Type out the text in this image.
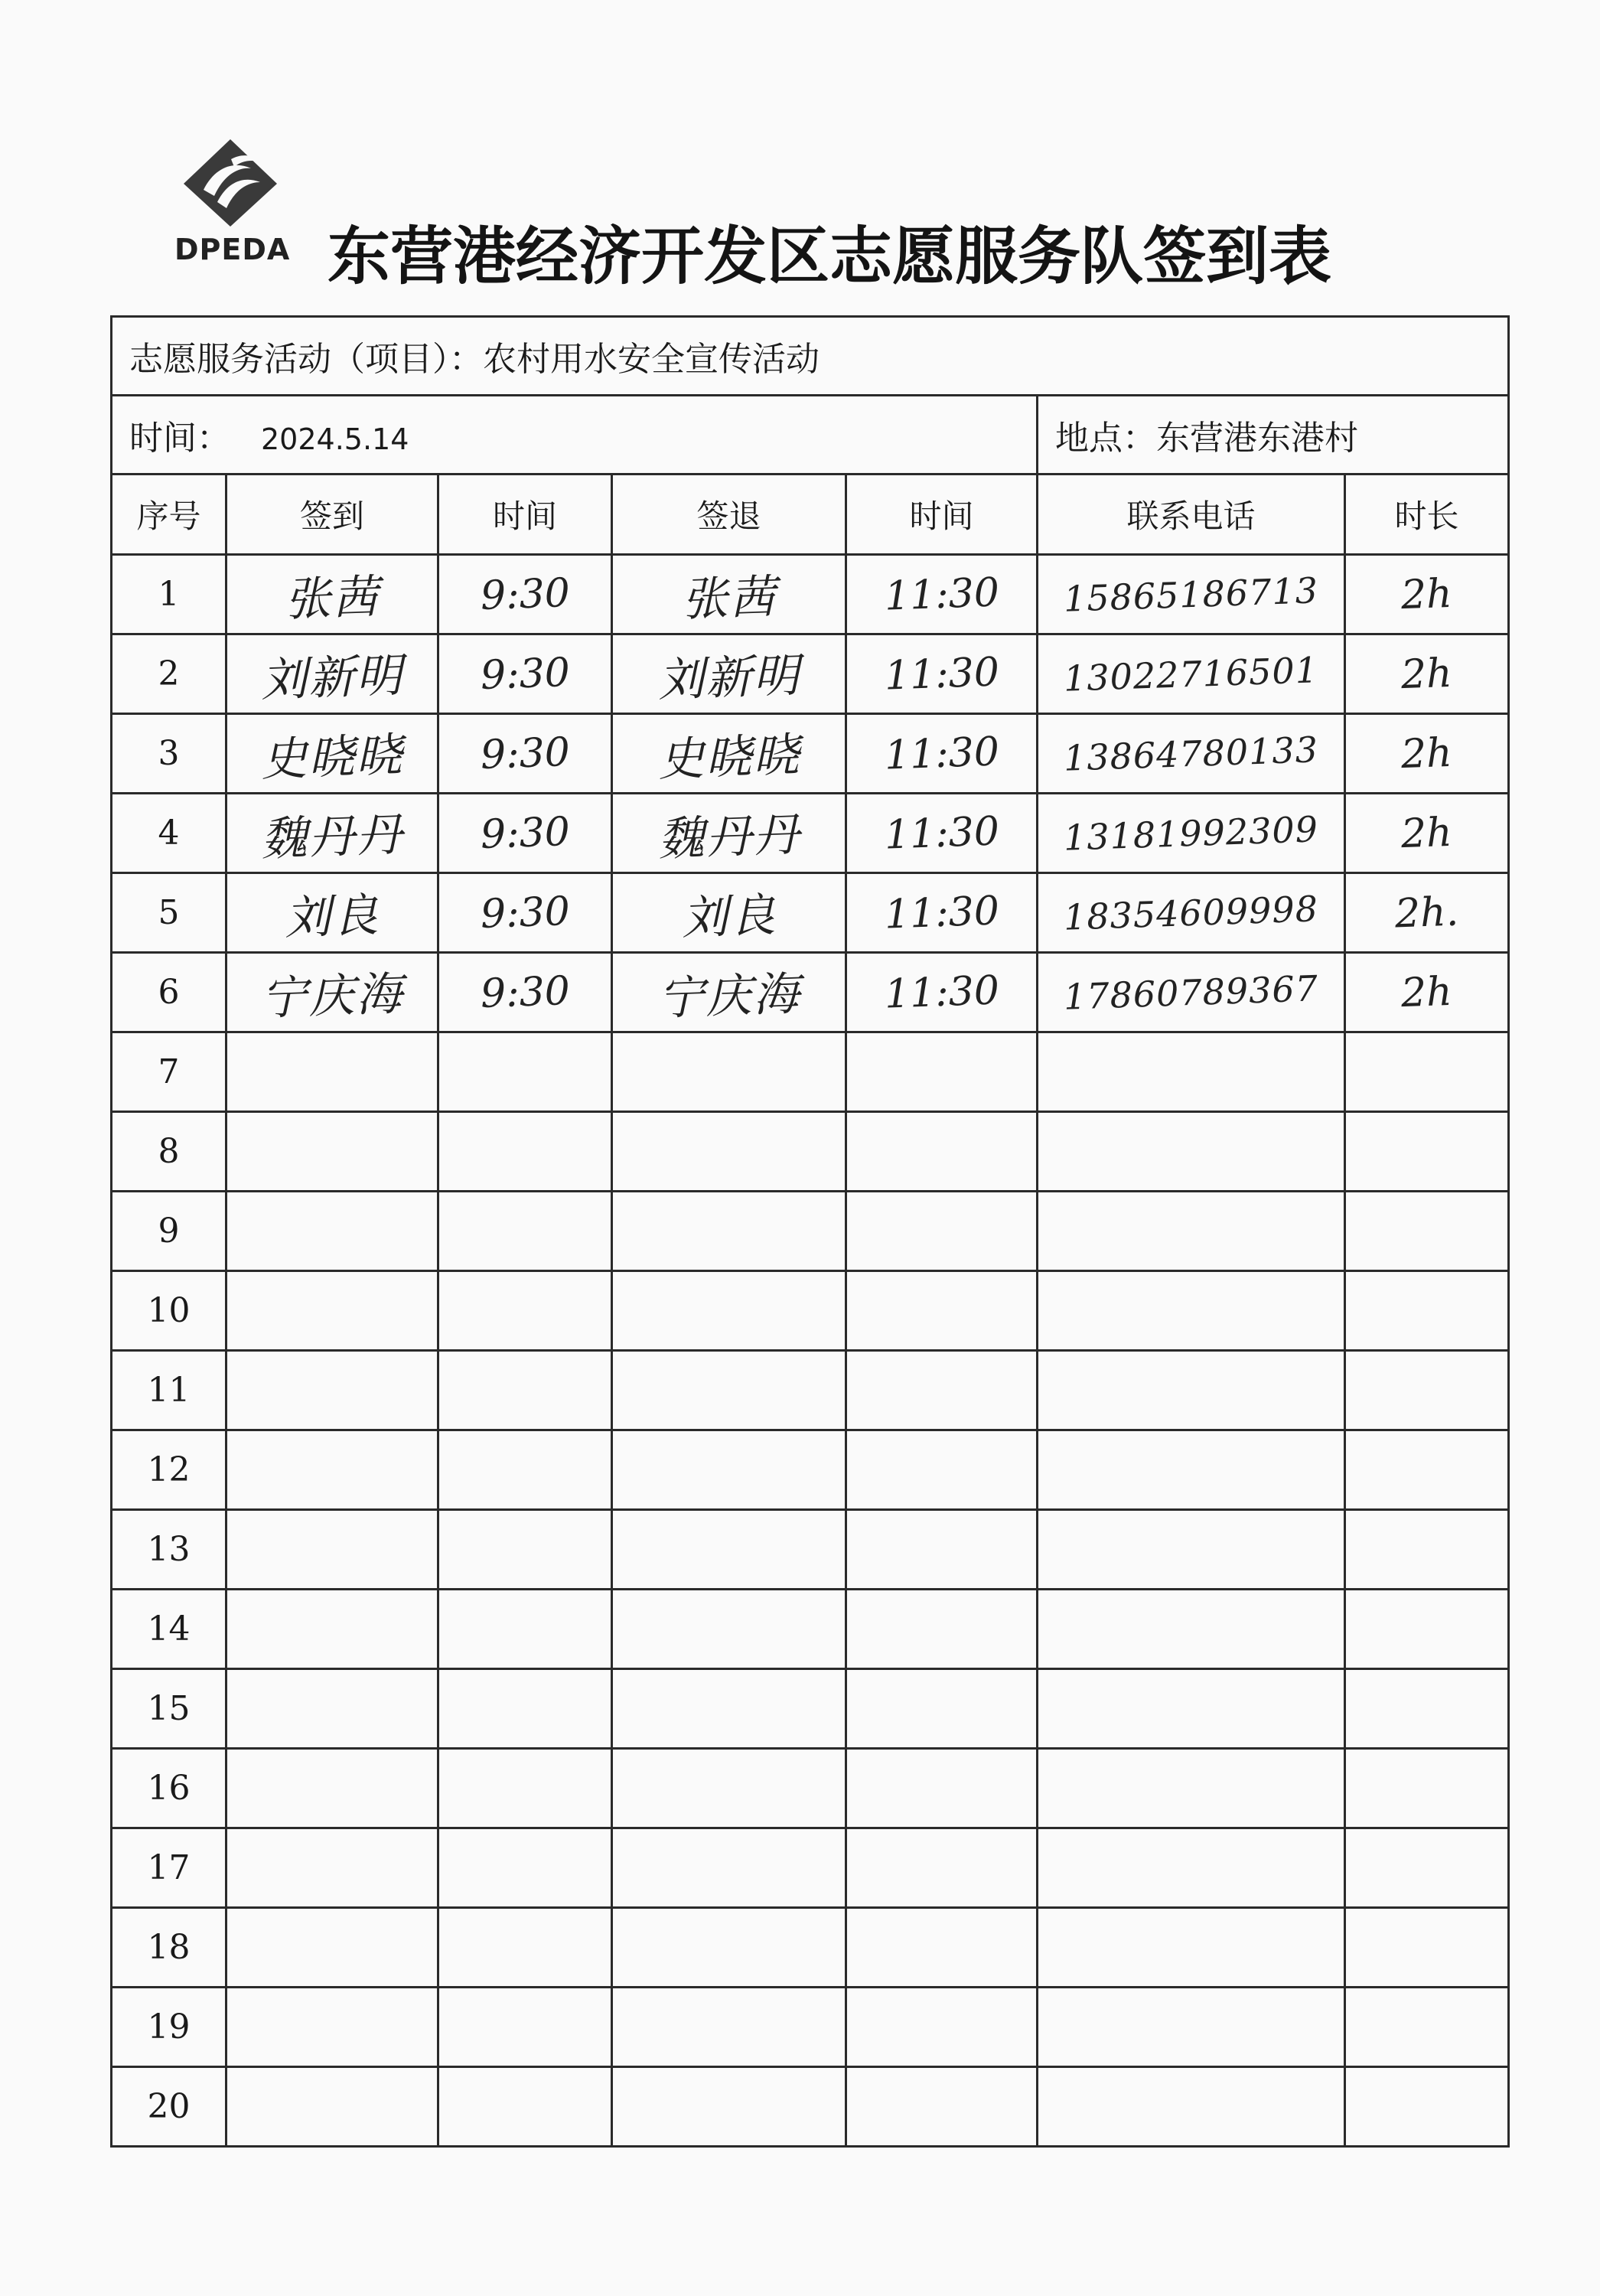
DPEDA 东营港经济开发区志愿服务队签到表
志愿服务活动（项目）：农村用水安全宣传活动						
时间： 2024.5.14					地点：东营港东港村	
序号	签到	时间	签退	时间	联系电话	时长
1	张茜	9:30	张茜	11:30	15865186713	2h
2	刘新明	9:30	刘新明	11:30	13022716501	2h
3	史晓晓	9:30	史晓晓	11:30	13864780133	2h
4	魏丹丹	9:30	魏丹丹	11:30	13181992309	2h
5	刘良	9:30	刘良	11:30	18354609998	2h.
6	宁庆海	9:30	宁庆海	11:30	17860789367	2h
7						
8						
9						
10						
11						
12						
13						
14						
15						
16						
17						
18						
19						
20						
